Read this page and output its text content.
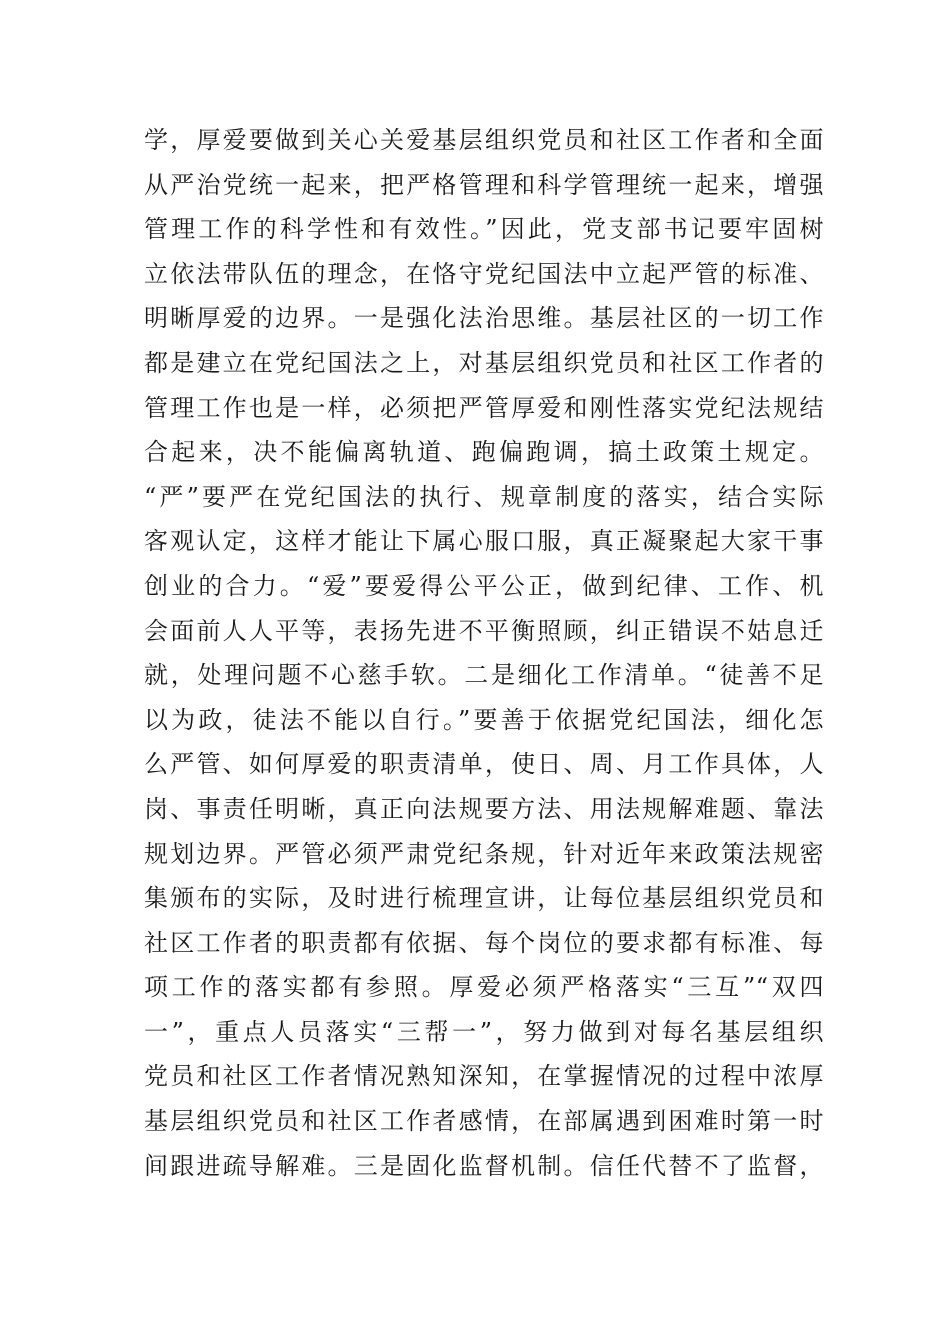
学，厚爱要做到关心关爱基层组织党员和社区工作者和全面
从严治党统一起来，把严格管理和科学管理统一起来，增强
管理工作的科学性和有效性。”因此，党支部书记要牢固树
立依法带队伍的理念，在恪守党纪国法中立起严管的标准、
明晰厚爱的边界。一是强化法治思维。基层社区的一切工作
都是建立在党纪国法之上，对基层组织党员和社区工作者的
管理工作也是一样，必须把严管厚爱和刚性落实党纪法规结
合起来，决不能偏离轨道、跑偏跑调，搞土政策土规定。
“严”要严在党纪国法的执行、规章制度的落实，结合实际
客观认定，这样才能让下属心服口服，真正凝聚起大家干事
创业的合力。“爱”要爱得公平公正，做到纪律、工作、机
会面前人人平等，表扬先进不平衡照顾，纠正错误不姑息迁
就，处理问题不心慈手软。二是细化工作清单。“徒善不足
以为政，徒法不能以自行。”要善于依据党纪国法，细化怎
么严管、如何厚爱的职责清单，使日、周、月工作具体，人
岗、事责任明晰，真正向法规要方法、用法规解难题、靠法
规划边界。严管必须严肃党纪条规，针对近年来政策法规密
集颁布的实际，及时进行梳理宣讲，让每位基层组织党员和
社区工作者的职责都有依据、每个岗位的要求都有标准、每
项工作的落实都有参照。厚爱必须严格落实“三互”“双四
一”，重点人员落实“三帮一”，努力做到对每名基层组织
党员和社区工作者情况熟知深知，在掌握情况的过程中浓厚
基层组织党员和社区工作者感情，在部属遇到困难时第一时
间跟进疏导解难。三是固化监督机制。信任代替不了监督，
